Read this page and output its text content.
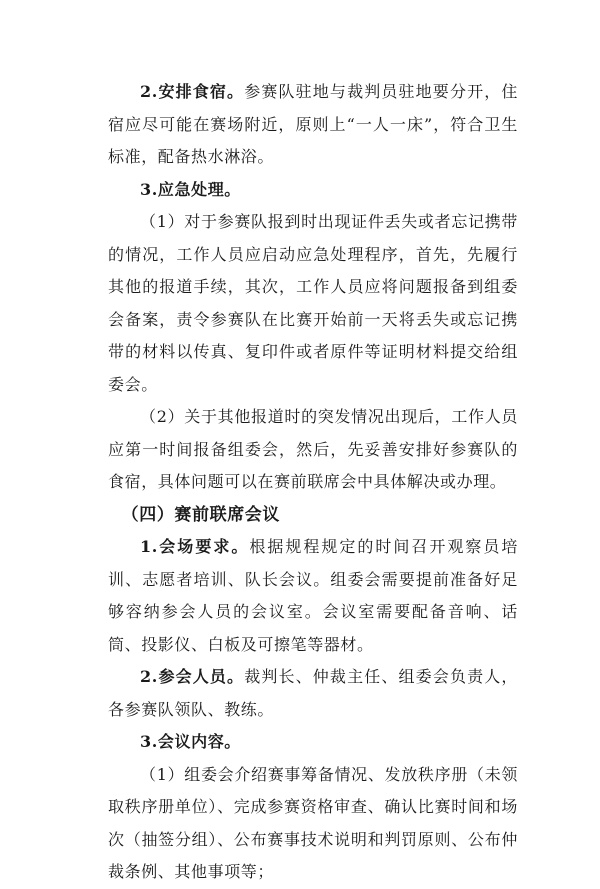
2.安排食宿。参赛队驻地与裁判员驻地要分开，住宿应尽可能在赛场附近，原则上“一人一床”，符合卫生标准，配备热水淋浴。

3.应急处理。

（1）对于参赛队报到时出现证件丢失或者忘记携带的情况，工作人员应启动应急处理程序，首先，先履行其他的报道手续，其次，工作人员应将问题报备到组委会备案，责令参赛队在比赛开始前一天将丢失或忘记携带的材料以传真、复印件或者原件等证明材料提交给组委会。

（2）关于其他报道时的突发情况出现后，工作人员应第一时间报备组委会，然后，先妥善安排好参赛队的食宿，具体问题可以在赛前联席会中具体解决或办理。

（四）赛前联席会议

1.会场要求。根据规程规定的时间召开观察员培训、志愿者培训、队长会议。组委会需要提前准备好足够容纳参会人员的会议室。会议室需要配备音响、话筒、投影仪、白板及可擦笔等器材。

2.参会人员。裁判长、仲裁主任、组委会负责人，各参赛队领队、教练。

3.会议内容。

（1）组委会介绍赛事筹备情况、发放秩序册（未领取秩序册单位）、完成参赛资格审查、确认比赛时间和场次（抽签分组）、公布赛事技术说明和判罚原则、公布仲裁条例、其他事项等；
